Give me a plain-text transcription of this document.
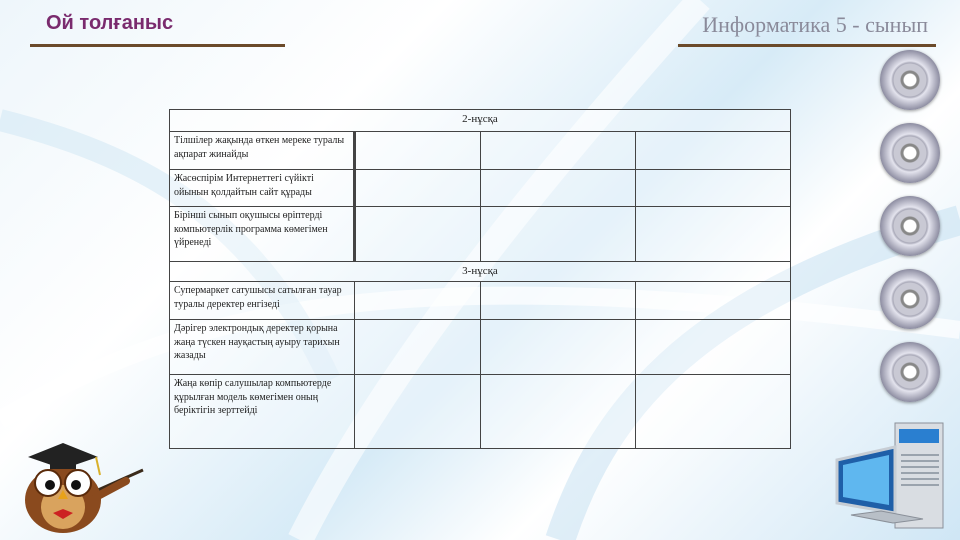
Ой толғаныс	Информатика 5 - сынып
2-нұсқа			
Тілшілер жақында өткен мереке туралы ақпарат жинайды			
Жасөспірім Интернеттегі сүйікті ойынын қолдайтын сайт құрады			
Бірінші сынып оқушысы өріптерді компьютерлік программа көмегімен үйренеді			
3-нұсқа			
Супермаркет сатушысы сатылған тауар туралы деректер енгізеді			
Дәрігер электрондық деректер қорына жаңа түскен науқастың ауыру тарихын жазады			
Жаңа көпір салушылар компьютерде құрылған модель көмегімен оның беріктігін зерттейді			
